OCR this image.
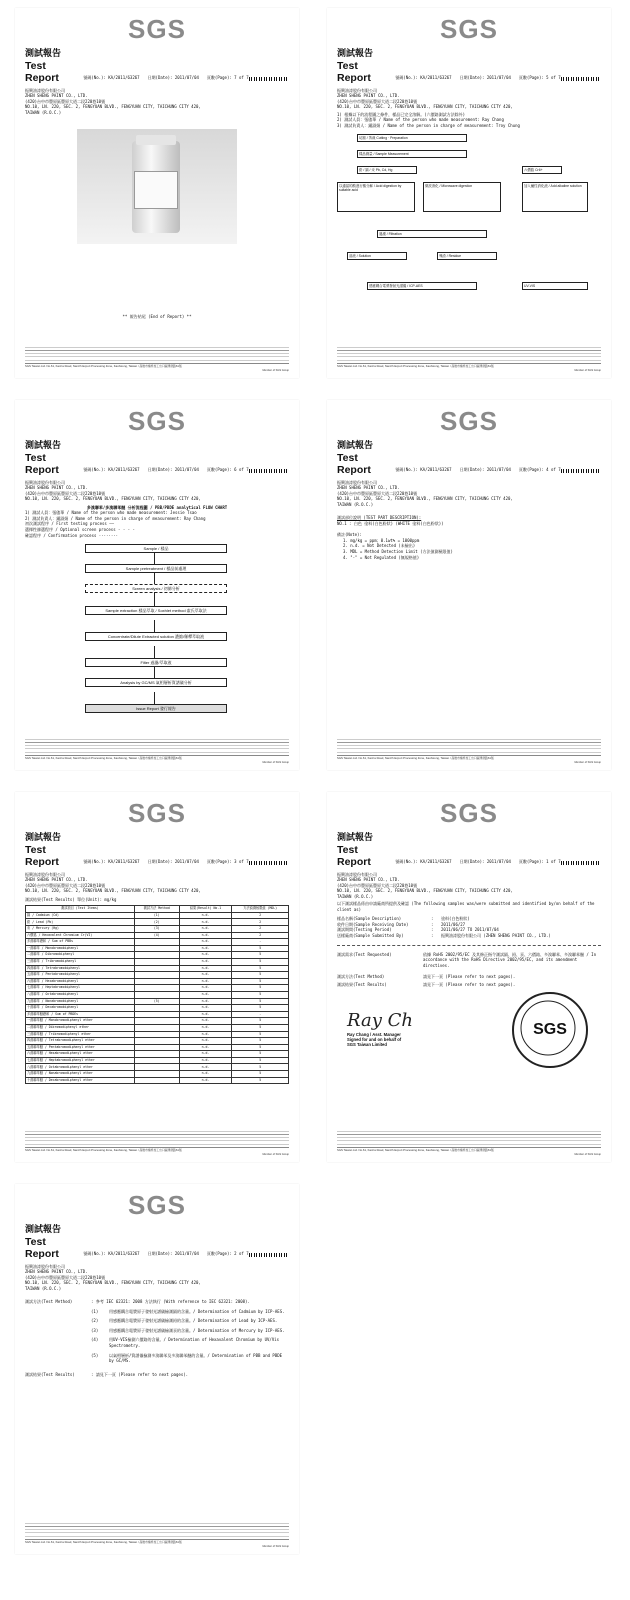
SGS
測試報告
Test Report	號碼(No.): KA/2011/63267 日期(Date): 2011/07/04 頁數(Page): 7 of 7
振興油漆股份有限公司
ZHEN SHENG PAINT CO., LTD.
(420)台中市豐原區豐原大道二段220巷10號
NO.10, LN. 220, SEC. 2, FENGYUAN BLVD., FENGYUAN CITY, TAICHUNG CITY 420,
TAIWAN (R.O.C.)
** 報告結尾 (End of Report) **
SGS Taiwan Ltd. No.61, Kai-Fa Road, Nanzih Export Processing Zone, Kaohsiung, Taiwan / 高雄市楠梓加工出口區開發路61號
Member of SGS Group
SGS
測試報告
Test Report	號碼(No.): KA/2011/63267 日期(Date): 2011/07/04 頁數(Page): 5 of 7
振興油漆股份有限公司
ZHEN SHENG PAINT CO., LTD.
(420)台中市豐原區豐原大道二段220巷10號
NO.10, LN. 220, SEC. 2, FENGYUAN BLVD., FENGYUAN CITY, TAICHUNG CITY 420,
1) 根據以下的流程圖之條件，樣品已完全溶解。(六價鉻測試方法除外)
2) 測試人員：張啟華 / Name of the person who made measurement: Ray Chang
3) 測試負責人：鍾淑娟 / Name of the person in charge of measurement: Troy Chung
切割 / 剪裁 Cutting · Preparation
樣品測量 / Sample Measurement
鉛 / 鎘 / 汞 Pb, Cd, Hg	六價鉻 Cr6+
以適當的酸進行酸分解 / Acid digestion by suitable acid
微波消化 / Microwave digestion	加入鹼性消化液 / Add alkaline solution
過濾 / Filtration
溶液 / Solution	殘渣 / Residue
感應耦合電漿發射光譜儀 / ICP-AES	UV-VIS
SGS Taiwan Ltd. No.61, Kai-Fa Road, Nanzih Export Processing Zone, Kaohsiung, Taiwan / 高雄市楠梓加工出口區開發路61號
Member of SGS Group
SGS
測試報告
Test Report	號碼(No.): KA/2011/63267 日期(Date): 2011/07/04 頁數(Page): 6 of 7
振興油漆股份有限公司
ZHEN SHENG PAINT CO., LTD.
(420)台中市豐原區豐原大道二段220巷10號
NO.10, LN. 220, SEC. 2, FENGYUAN BLVD., FENGYUAN CITY, TAICHUNG CITY 420,
多溴聯苯/多溴聯苯醚 分析流程圖 / PBB/PBDE analytical FLOW CHART
1) 測試人員：張啟華 / Name of the person who made measurement: Jessie Tsao
2) 測試負責人：鍾淑娟 / Name of the person in charge of measurement: Ray Chang
初次測試程序 / First testing process ——
選擇性篩選程序 / Optional screen process - - - -
確認程序 / Confirmation process ········
Sample / 樣品
Sample pretreatment / 樣品前處理
Screen analysis / 初篩分析
Sample extraction 樣品萃取 / Soxhlet method 索氏萃取法
Concentrate/Dilute Extracted solution 濃縮/稀釋萃取液
Filter 過濾/萃取液
Analysis by GC/MS 氣相層析質譜儀分析
Issue Report 發行報告
SGS Taiwan Ltd. No.61, Kai-Fa Road, Nanzih Export Processing Zone, Kaohsiung, Taiwan / 高雄市楠梓加工出口區開發路61號
Member of SGS Group
SGS
測試報告
Test Report	號碼(No.): KA/2011/63267 日期(Date): 2011/07/04 頁數(Page): 4 of 7
振興油漆股份有限公司
ZHEN SHENG PAINT CO., LTD.
(420)台中市豐原區豐原大道二段220巷10號
NO.10, LN. 220, SEC. 2, FENGYUAN BLVD., FENGYUAN CITY, TAICHUNG CITY 420,
TAIWAN (R.O.C.)
測試部位說明 (TEST PART DESCRIPTION):
NO.1 : 白色 塗料(白色粉狀) (WHITE 塗料(白色粉狀))
備註(Note):
1. mg/kg = ppm；0.1wt% = 1000ppm
2. n.d. = Not Detected (未檢出)
3. MDL = Method Detection Limit (方法偵測極限值)
4. "-" = Not Regulated (無規格值)
SGS Taiwan Ltd. No.61, Kai-Fa Road, Nanzih Export Processing Zone, Kaohsiung, Taiwan / 高雄市楠梓加工出口區開發路61號
Member of SGS Group
SGS
測試報告
Test Report	號碼(No.): KA/2011/63267 日期(Date): 2011/07/04 頁數(Page): 3 of 7
振興油漆股份有限公司
ZHEN SHENG PAINT CO., LTD.
(420)台中市豐原區豐原大道二段220巷10號
NO.10, LN. 220, SEC. 2, FENGYUAN BLVD., FENGYUAN CITY, TAICHUNG CITY 420,
測試結果(Test Results) 單位(Unit): mg/kg
測試項目 (Test Items)	測試方法 Method	結果(Result) No.1	方法偵測極限值 (MDL)
鎘 / Cadmium (Cd)	(1)	n.d.	2
鉛 / Lead (Pb)	(2)	n.d.	2
汞 / Mercury (Hg)	(3)	n.d.	2
六價鉻 / Hexavalent Chromium Cr(VI)	(4)	n.d.	2
多溴聯苯總和 / Sum of PBBs		n.d.	-
一溴聯苯 / Monobromobiphenyl		n.d.	5
二溴聯苯 / Dibromobiphenyl		n.d.	5
三溴聯苯 / Tribromobiphenyl		n.d.	5
四溴聯苯 / Tetrabromobiphenyl		n.d.	5
五溴聯苯 / Pentabromobiphenyl		n.d.	5
六溴聯苯 / Hexabromobiphenyl		n.d.	5
七溴聯苯 / Heptabromobiphenyl		n.d.	5
八溴聯苯 / Octabromobiphenyl		n.d.	5
九溴聯苯 / Nonabromobiphenyl	(5)	n.d.	5
十溴聯苯 / Decabromobiphenyl		n.d.	5
多溴聯苯醚總和 / Sum of PBDEs		n.d.	-
一溴聯苯醚 / Monobromodiphenyl ether		n.d.	5
二溴聯苯醚 / Dibromodiphenyl ether		n.d.	5
三溴聯苯醚 / Tribromodiphenyl ether		n.d.	5
四溴聯苯醚 / Tetrabromodiphenyl ether		n.d.	5
五溴聯苯醚 / Pentabromodiphenyl ether		n.d.	5
六溴聯苯醚 / Hexabromodiphenyl ether		n.d.	5
七溴聯苯醚 / Heptabromodiphenyl ether		n.d.	5
八溴聯苯醚 / Octabromodiphenyl ether		n.d.	5
九溴聯苯醚 / Nonabromodiphenyl ether		n.d.	5
十溴聯苯醚 / Decabromodiphenyl ether		n.d.	5
SGS Taiwan Ltd. No.61, Kai-Fa Road, Nanzih Export Processing Zone, Kaohsiung, Taiwan / 高雄市楠梓加工出口區開發路61號
Member of SGS Group
SGS
測試報告
Test Report	號碼(No.): KA/2011/63267 日期(Date): 2011/07/04 頁數(Page): 1 of 7
振興油漆股份有限公司
ZHEN SHENG PAINT CO., LTD.
(420)台中市豐原區豐原大道二段220巷10號
NO.10, LN. 220, SEC. 2, FENGYUAN BLVD., FENGYUAN CITY, TAICHUNG CITY 420,
TAIWAN (R.O.C.)
以下測試樣品係由申請廠商所提供及確認 (The following samples was/were submitted and identified by/on behalf of the client as)
樣品名稱(Sample Description)	:	塗料(白色粉狀)
收件日期(Sample Receiving Date)	:	2011/06/27
測試期間(Testing Period)	:	2011/06/27 TO 2011/07/04
送樣廠商(Sample Submitted By)	:	振興油漆股份有限公司 (ZHEN SHENG PAINT CO., LTD.)
測試需求(Test Requested)	依據 RoHS 2002/95/EC 及其修正指令測試鎘、鉛、汞、六價鉻、多溴聯苯、多溴聯苯醚 / In accordance with the RoHS Directive 2002/95/EC, and its amendment directives.
測試方法(Test Method)	請見下一頁 (Please refer to next pages).
測試結果(Test Results)	請見下一頁 (Please refer to next pages).
Ray Ch
Ray Chang / Asst. Manager
Signed for and on behalf of
SGS Taiwan Limited
SGS
SGS Taiwan Ltd. No.61, Kai-Fa Road, Nanzih Export Processing Zone, Kaohsiung, Taiwan / 高雄市楠梓加工出口區開發路61號
Member of SGS Group
SGS
測試報告
Test Report	號碼(No.): KA/2011/63267 日期(Date): 2011/07/04 頁數(Page): 2 of 7
振興油漆股份有限公司
ZHEN SHENG PAINT CO., LTD.
(420)台中市豐原區豐原大道二段220巷10號
NO.10, LN. 220, SEC. 2, FENGYUAN BLVD., FENGYUAN CITY, TAICHUNG CITY 420,
TAIWAN (R.O.C.)
測試方法(Test Method)	: 參考 IEC 62321: 2008 方法執行 (With reference to IEC 62321: 2008).
(1)	用感應耦合電漿原子發射光譜儀檢測鎘的含量。/ Determination of Cadmium by ICP-AES.
(2)	用感應耦合電漿原子發射光譜儀檢測鉛的含量。/ Determination of Lead by ICP-AES.
(3)	用感應耦合電漿原子發射光譜儀檢測汞的含量。/ Determination of Mercury by ICP-AES.
(4)	用UV-VIS檢測六價鉻的含量。/ Determination of Hexavalent Chromium by UV/Vis Spectrometry.
(5)	以氣相層析/質譜儀檢測多溴聯苯及多溴聯苯醚的含量。/ Determination of PBB and PBDE by GC/MS.
測試結果(Test Results)	: 請見下一頁 (Please refer to next pages).
SGS Taiwan Ltd. No.61, Kai-Fa Road, Nanzih Export Processing Zone, Kaohsiung, Taiwan / 高雄市楠梓加工出口區開發路61號
Member of SGS Group
